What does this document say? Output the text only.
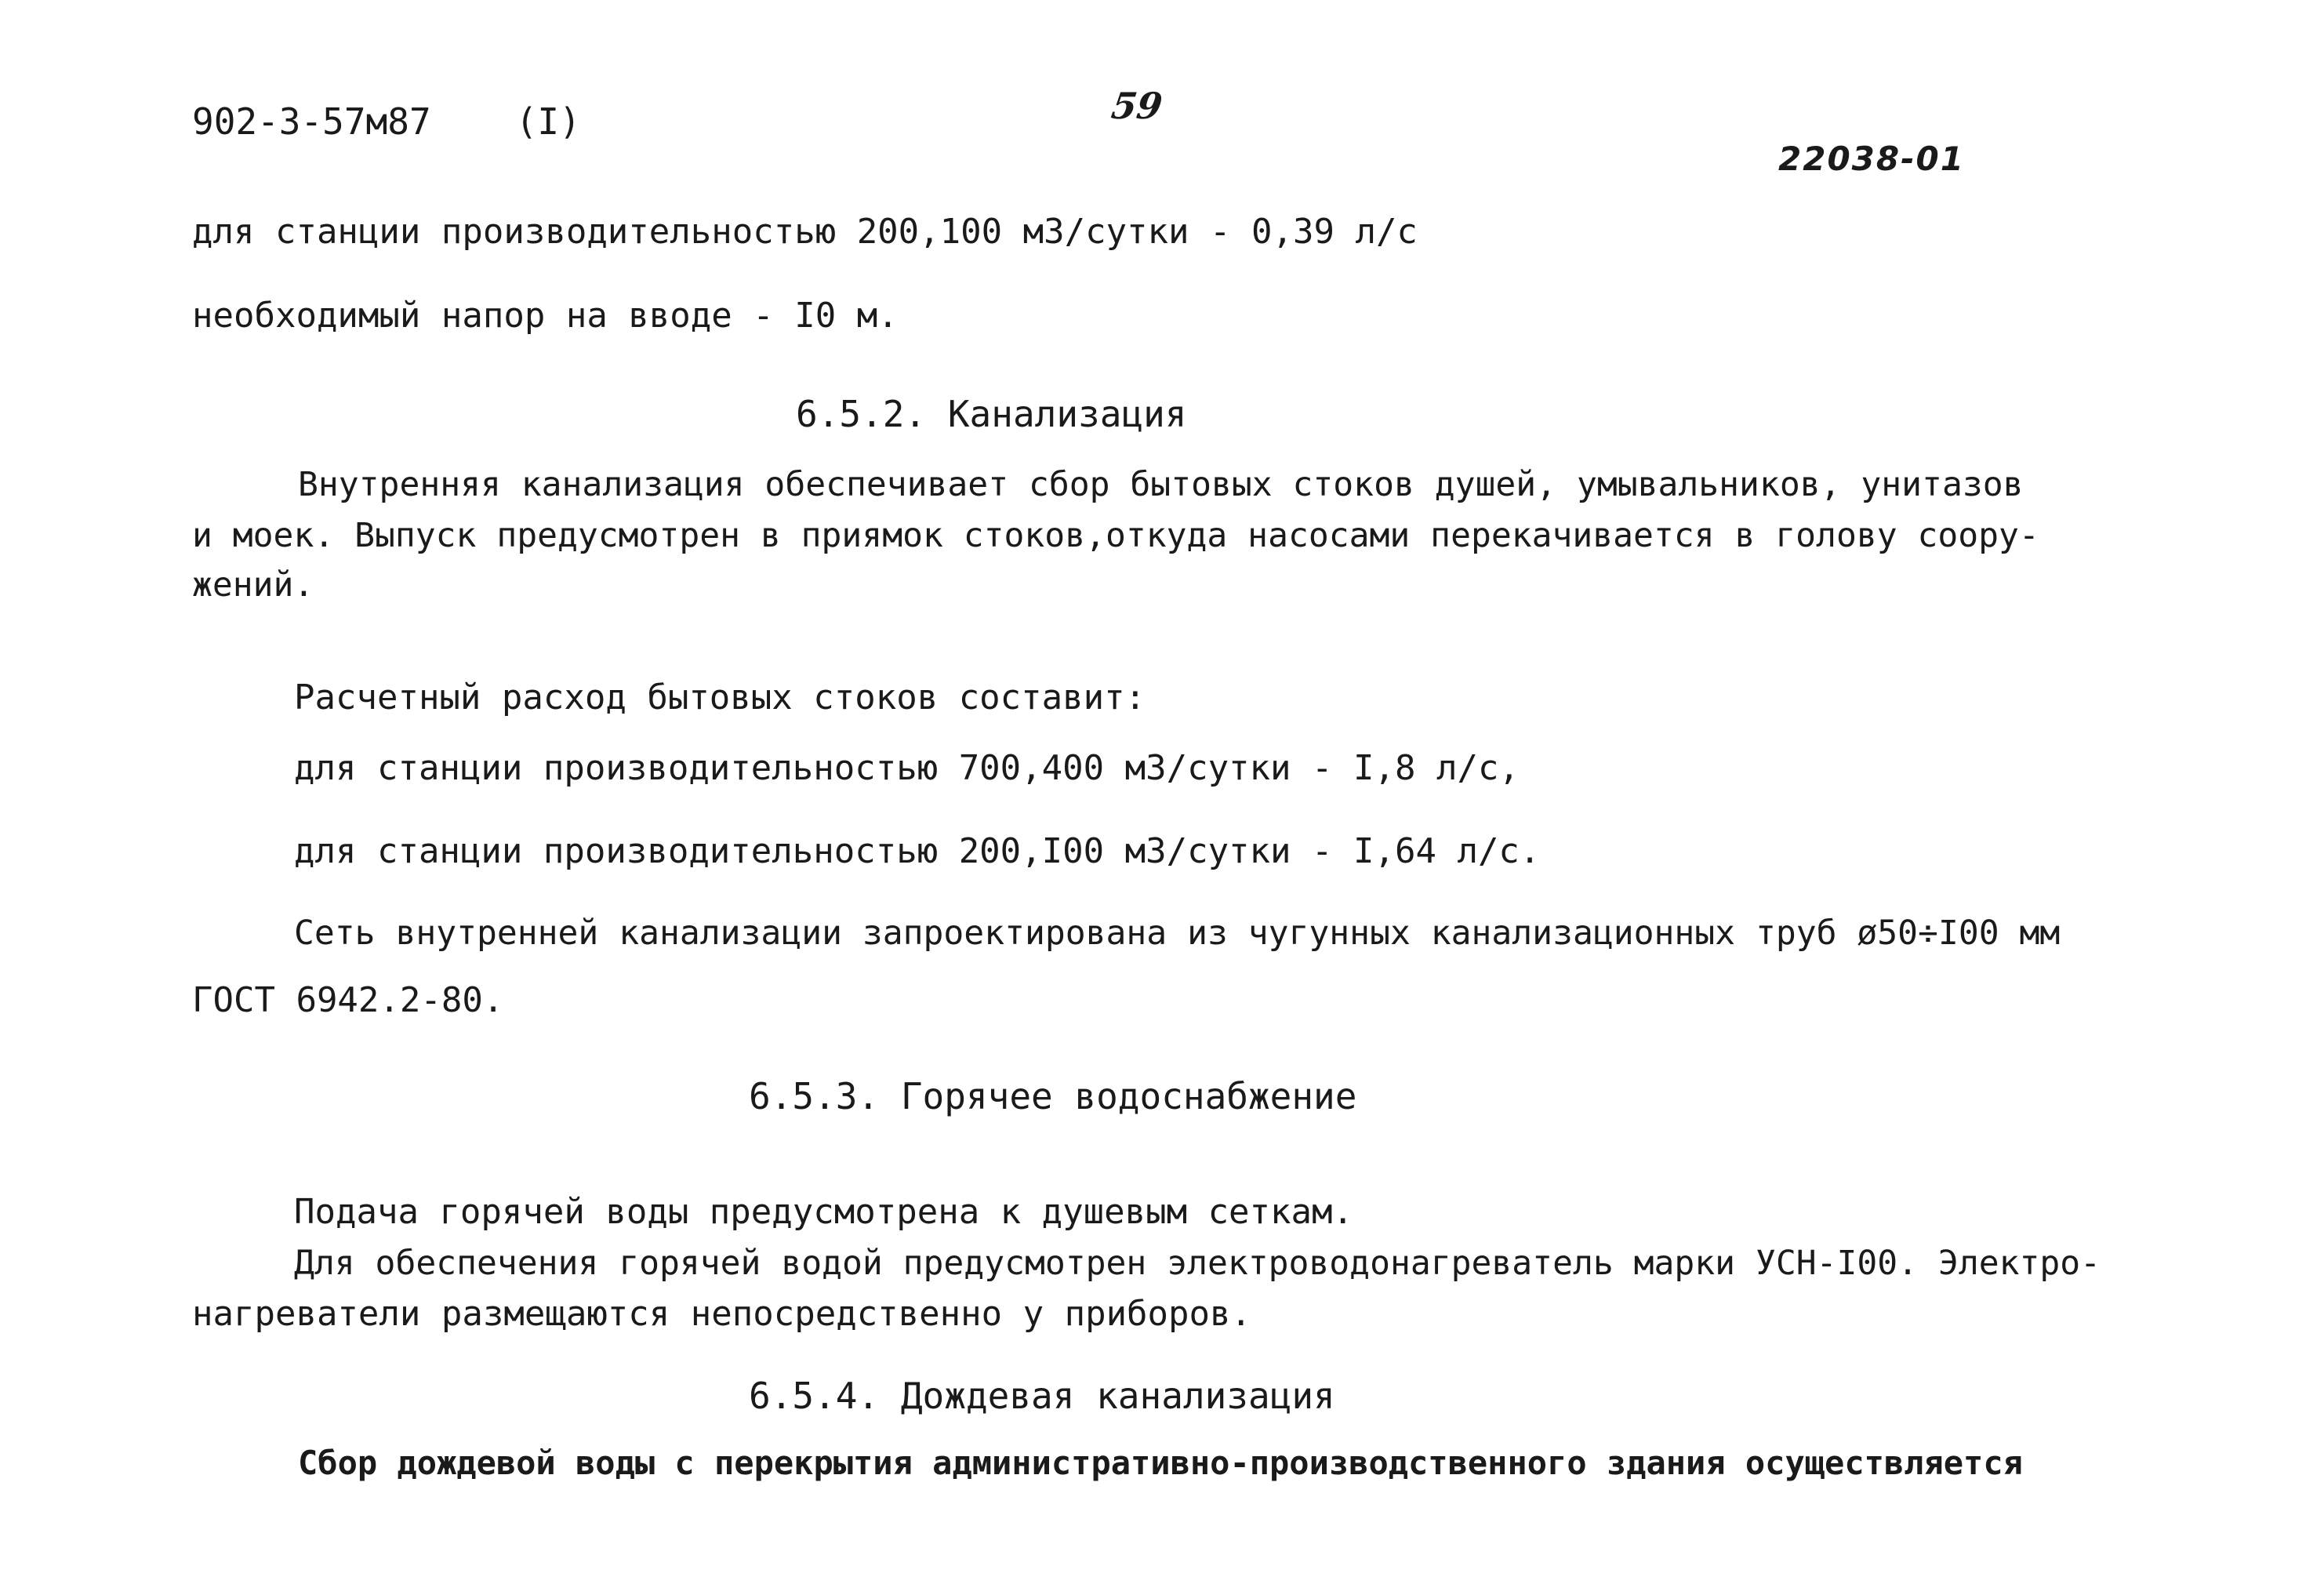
902-3-57м87 (I)	59
22038-01
для станции производительностью 200,100 м3/сутки - 0,39 л/с
необходимый напор на вводе - I0 м.
6.5.2. Канализация
Внутренняя канализация обеспечивает сбор бытовых стоков душей, умывальников, унитазов
и моек. Выпуск предусмотрен в приямок стоков,откуда насосами перекачивается в голову соору-
жений.
Расчетный расход бытовых стоков составит:
для станции производительностью 700,400 м3/сутки - I,8 л/с,
для станции производительностью 200,I00 м3/сутки - I,64 л/с.
Сеть внутренней канализации запроектирована из чугунных канализационных труб ø50÷I00 мм
ГОСТ 6942.2-80.
6.5.3. Горячее водоснабжение
Подача горячей воды предусмотрена к душевым сеткам.
Для обеспечения горячей водой предусмотрен электроводонагреватель марки УСН-I00. Электро-
нагреватели размещаются непосредственно у приборов.
6.5.4. Дождевая канализация
Сбор дождевой воды с перекрытия административно-производственного здания осуществляется
